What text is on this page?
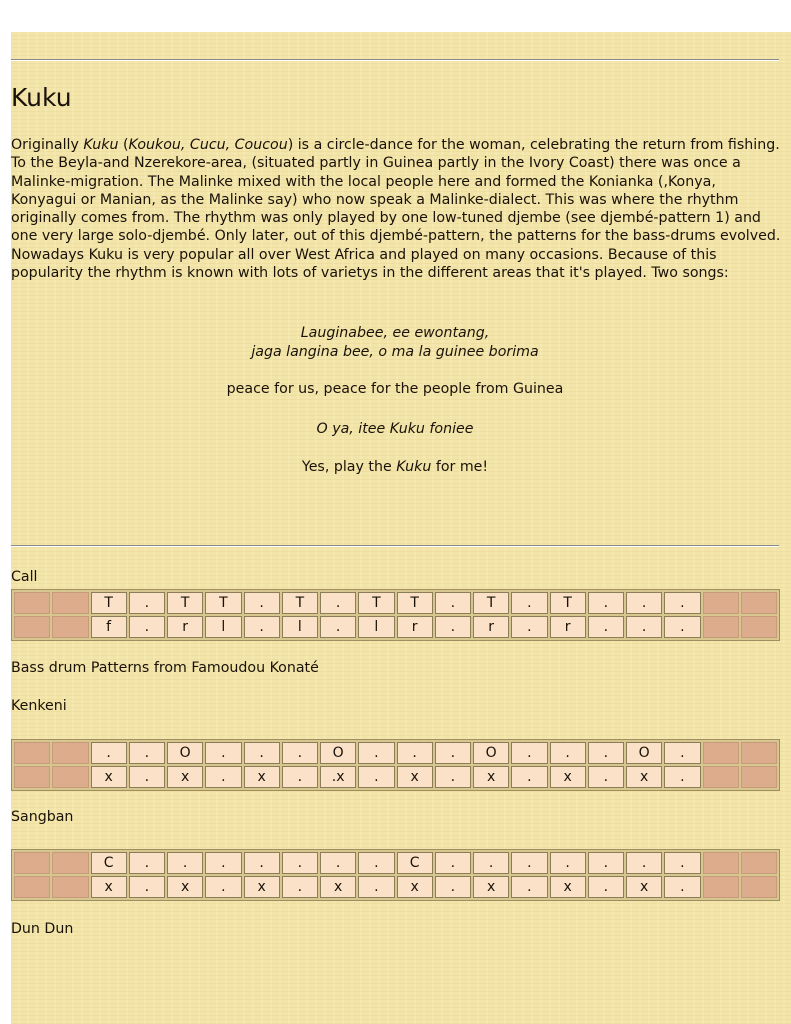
Kuku

Originally Kuku (Koukou, Cucu, Coucou) is a circle-dance for the woman, celebrating the return from fishing. To the Beyla-and Nzerekore-area, (situated partly in Guinea partly in the Ivory Coast) there was once a Malinke-migration. The Malinke mixed with the local people here and formed the Konianka (,Konya, Konyagui or Manian, as the Malinke say) who now speak a Malinke-dialect. This was where the rhythm originally comes from. The rhythm was only played by one low-tuned djembe (see djembé-pattern 1) and one very large solo-djembé. Only later, out of this djembé-pattern, the patterns for the bass-drums evolved.

Nowadays Kuku is very popular all over West Africa and played on many occasions. Because of this popularity the rhythm is known with lots of varietys in the different areas that it's played. Two songs:

Lauginabee, ee ewontang,
jaga langina bee, o ma la guinee borima
peace for us, peace for the people from Guinea
O ya, itee Kuku foniee
Yes, play the Kuku for me!
Call
		T	.	T	T	.	T	.	T	T	.	T	.	T	.	.	.		
		f	.	r	l	.	l	.	l	r	.	r	.	r	.	.	.		
Bass drum Patterns from Famoudou Konaté
Kenkeni
		.	.	O	.	.	.	O	.	.	.	O	.	.	.	O	.		
		x	.	x	.	x	.	.x	.	x	.	x	.	x	.	x	.		
Sangban
		C	.	.	.	.	.	.	.	C	.	.	.	.	.	.	.		
		x	.	x	.	x	.	x	.	x	.	x	.	x	.	x	.		
Dun Dun
